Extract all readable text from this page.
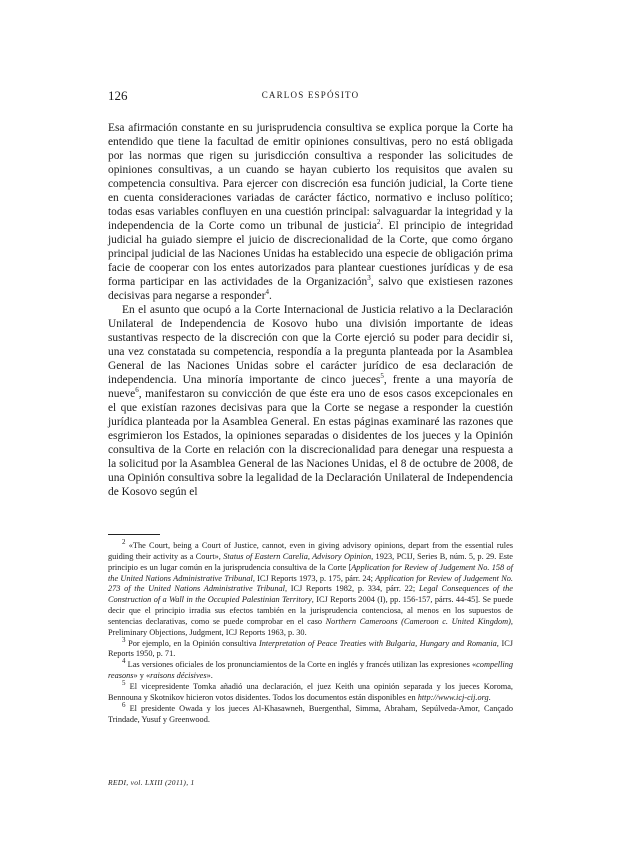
126	CARLOS ESPÓSITO

Esa afirmación constante en su jurisprudencia consultiva se explica porque la Corte ha entendido que tiene la facultad de emitir opiniones consultivas, pero no está obligada por las normas que rigen su jurisdicción consultiva a responder las solicitudes de opiniones consultivas, a un cuando se hayan cubierto los requisitos que avalen su competencia consultiva. Para ejercer con discreción esa función judicial, la Corte tiene en cuenta consideraciones variadas de carácter fáctico, normativo e incluso político; todas esas variables confluyen en una cuestión principal: salvaguardar la integridad y la independencia de la Corte como un tribunal de justicia$^2$. El principio de integridad judicial ha guiado siempre el juicio de discrecionalidad de la Corte, que como órgano principal judicial de las Naciones Unidas ha establecido una especie de obligación prima facie de cooperar con los entes autorizados para plantear cuestiones jurídicas y de esa forma participar en las actividades de la Organización$^3$, salvo que existiesen razones decisivas para negarse a responder$^4$.

En el asunto que ocupó a la Corte Internacional de Justicia relativo a la Declaración Unilateral de Independencia de Kosovo hubo una división importante de ideas sustantivas respecto de la discreción con que la Corte ejerció su poder para decidir si, una vez constatada su competencia, respondía a la pregunta planteada por la Asamblea General de las Naciones Unidas sobre el carácter jurídico de esa declaración de independencia. Una minoría importante de cinco jueces$^5$, frente a una mayoría de nueve$^6$, manifestaron su convicción de que éste era uno de esos casos excepcionales en el que existían razones decisivas para que la Corte se negase a responder la cuestión jurídica planteada por la Asamblea General. En estas páginas examinaré las razones que esgrimieron los Estados, la opiniones separadas o disidentes de los jueces y la Opinión consultiva de la Corte en relación con la discrecionalidad para denegar una respuesta a la solicitud por la Asamblea General de las Naciones Unidas, el 8 de octubre de 2008, de una Opinión consultiva sobre la legalidad de la Declaración Unilateral de Independencia de Kosovo según el

$^2$ «The Court, being a Court of Justice, cannot, even in giving advisory opinions, depart from the essential rules guiding their activity as a Court», Status of Eastern Carelia, Advisory Opinion, 1923, PCIJ, Series B, núm. 5, p. 29. Este principio es un lugar común en la jurisprudencia consultiva de la Corte [Application for Review of Judgement No. 158 of the United Nations Administrative Tribunal, ICJ Reports 1973, p. 175, párr. 24; Application for Review of Judgement No. 273 of the United Nations Administrative Tribunal, ICJ Reports 1982, p. 334, párr. 22; Legal Consequences of the Construction of a Wall in the Occupied Palestinian Territory, ICJ Reports 2004 (I), pp. 156-157, párrs. 44-45]. Se puede decir que el principio irradia sus efectos también en la jurisprudencia contenciosa, al menos en los supuestos de sentencias declarativas, como se puede comprobar en el caso Northern Cameroons (Cameroon c. United Kingdom), Preliminary Objections, Judgment, ICJ Reports 1963, p. 30.

$^3$ Por ejemplo, en la Opinión consultiva Interpretation of Peace Treaties with Bulgaria, Hungary and Romania, ICJ Reports 1950, p. 71.

$^4$ Las versiones oficiales de los pronunciamientos de la Corte en inglés y francés utilizan las expresiones «compelling reasons» y «raisons décisives».

$^5$ El vicepresidente Tomka añadió una declaración, el juez Keith una opinión separada y los jueces Koroma, Bennouna y Skotnikov hicieron votos disidentes. Todos los documentos están disponibles en http://www.icj-cij.org.

$^6$ El presidente Owada y los jueces Al-Khasawneh, Buergenthal, Simma, Abraham, Sepúlveda-Amor, Cançado Trindade, Yusuf y Greenwood.

REDI, vol. LXIII (2011), 1
